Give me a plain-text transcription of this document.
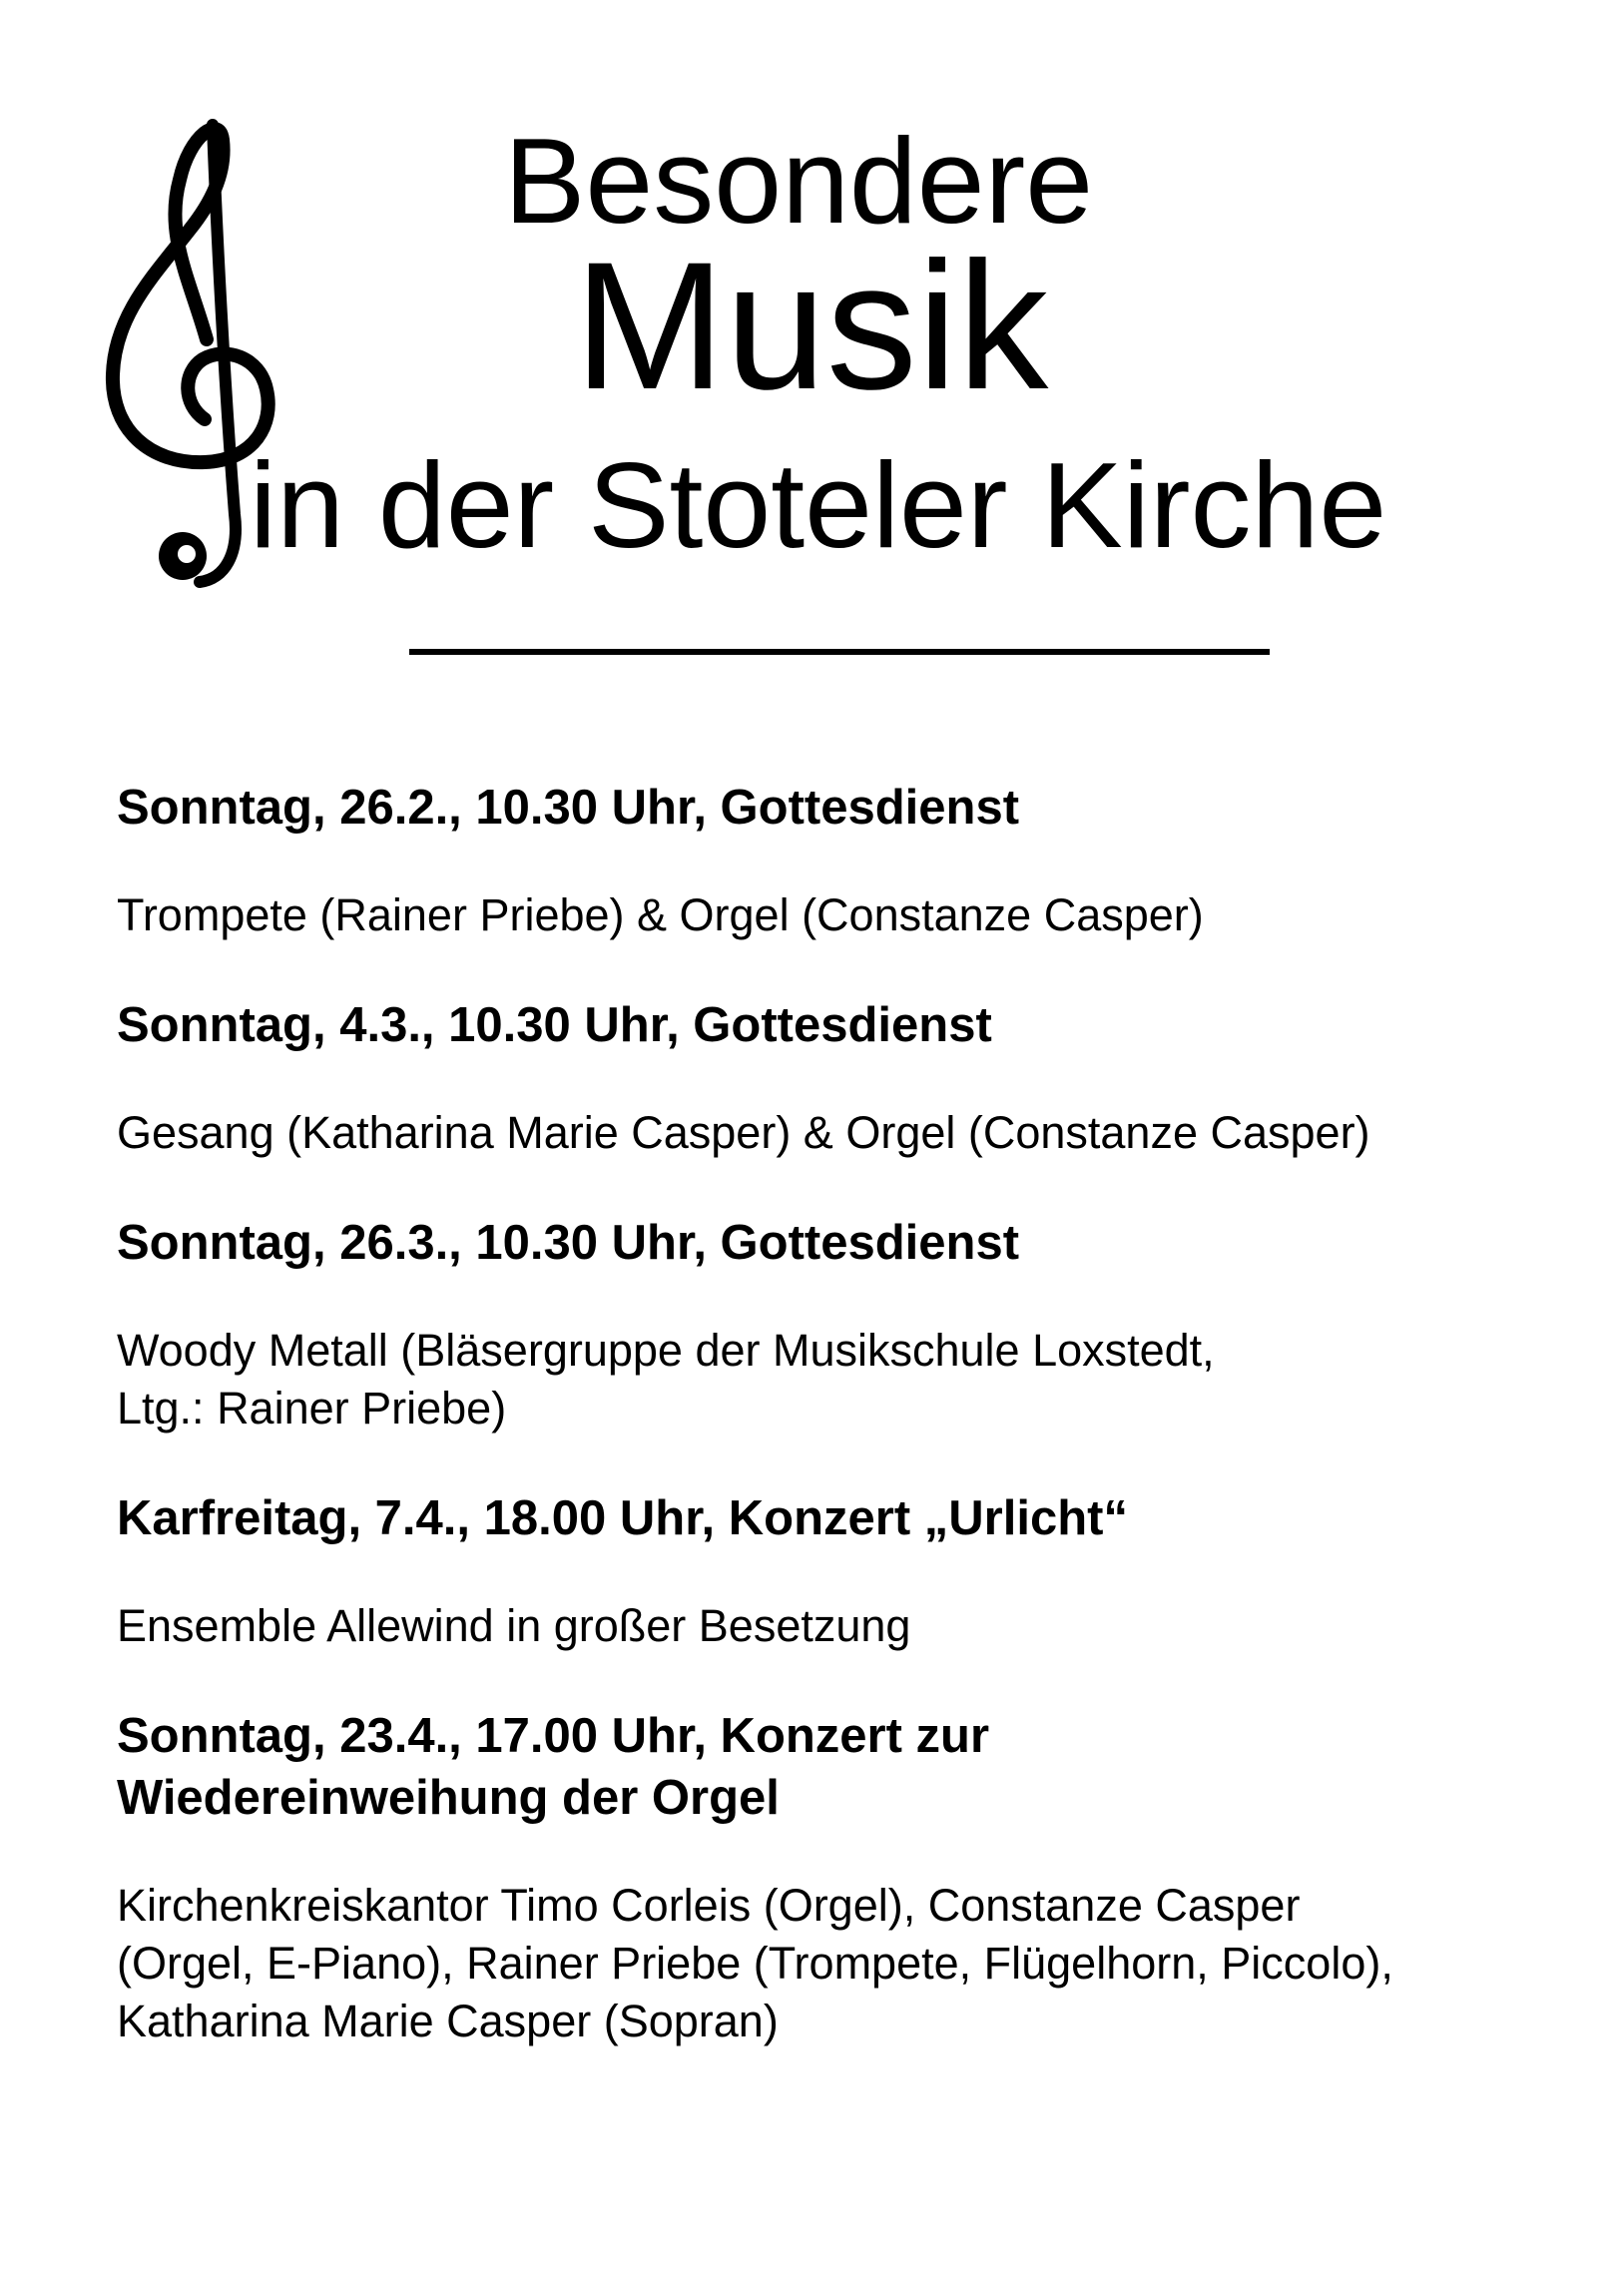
Besondere
Musik
in der Stoteler Kirche

Sonntag, 26.2., 10.30 Uhr, Gottesdienst

Trompete (Rainer Priebe) & Orgel (Constanze Casper)

Sonntag, 4.3., 10.30 Uhr, Gottesdienst

Gesang (Katharina Marie Casper) & Orgel (Constanze Casper)

Sonntag, 26.3., 10.30 Uhr, Gottesdienst

Woody Metall (Bläsergruppe der Musikschule Loxstedt,
Ltg.: Rainer Priebe)

Karfreitag, 7.4., 18.00 Uhr, Konzert „Urlicht“

Ensemble Allewind in großer Besetzung

Sonntag, 23.4., 17.00 Uhr, Konzert zur
Wiedereinweihung der Orgel

Kirchenkreiskantor Timo Corleis (Orgel), Constanze Casper
(Orgel, E-Piano), Rainer Priebe (Trompete, Flügelhorn, Piccolo),
Katharina Marie Casper (Sopran)
